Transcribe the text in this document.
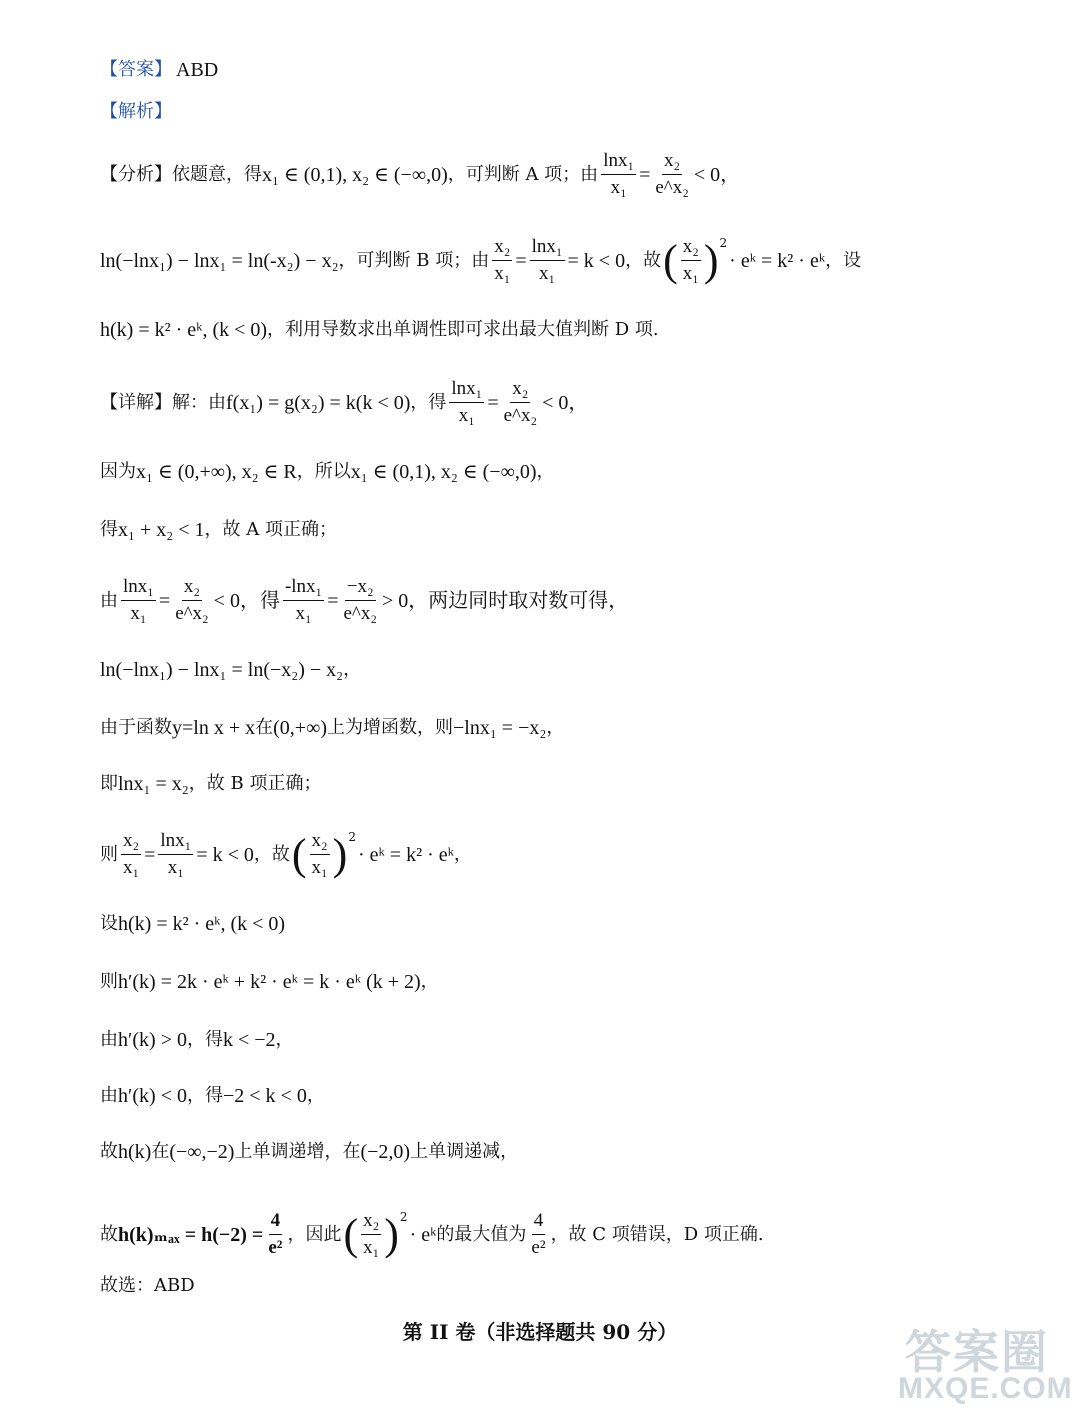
【答案】 ABD
【解析】
【分析】 依题意，得 x₁ ∈ (0,1), x₂ ∈ (−∞,0) ，可判断 A 项；由 $\frac{\text{lnx₁}}{\text{x₁}} = \frac{\text{x₂}}{\text{e\textasciicircum{}x₂}} < 0$，
ln(−lnx₁) − lnx₁ = ln(-x₂) − x₂ ，可判断 B 项；由 $\frac{\text{x₂}}{\text{x₁}} = \frac{\text{lnx₁}}{\text{x₁}} = k < 0$ ，故 ( $\frac{\text{x₂}}{\text{x₁}}$ ) 2
· eᵏ = k² · eᵏ ，设
h(k) = k² · eᵏ, (k < 0) ，利用导数求出单调性即可求出最大值判断 D 项.
【详解】 解：由 f(x₁) = g(x₂) = k(k < 0) ，得 $\frac{\text{lnx₁}}{\text{x₁}} = \frac{\text{x₂}}{\text{e\textasciicircum{}x₂}} < 0$，
因为 x₁ ∈ (0,+∞), x₂ ∈ R ，所以 x₁ ∈ (0,1), x₂ ∈ (−∞,0) ，
得 x₁ + x₂ < 1 ，故 A 项正确；
由 $\frac{\text{lnx₁}}{\text{x₁}} = \frac{\text{x₂}}{\text{e\textasciicircum{}x₂}} < 0$，得 $\frac{\text{-lnx₁}}{\text{x₁}} = \frac{\text{−x₂}}{\text{e\textasciicircum{}x₂}} > 0$，两边同时取对数可得，
ln(−lnx₁) − lnx₁ = ln(−x₂) − x₂ ，
由于函数 y=ln x + x 在 (0,+∞) 上为增函数，则 −lnx₁ = −x₂ ，
即 lnx₁ = x₂ ，故 B 项正确；
则 $\frac{\text{x₂}}{\text{x₁}} = \frac{\text{lnx₁}}{\text{x₁}} = k < 0$ ，故 ( $\frac{\text{x₂}}{\text{x₁}}$ ) 2
· eᵏ = k² · eᵏ ，
设 h(k) = k² · eᵏ, (k < 0)
则 h′(k) = 2k · eᵏ + k² · eᵏ = k · eᵏ (k + 2) ，
由 h′(k) > 0 ，得 k < −2 ，
由 h′(k) < 0 ，得 −2 < k < 0 ，
故 h(k) 在 (−∞,−2) 上单调递增，在 (−2,0) 上单调递减，
故 $h(k)_{max} = h(-2) = \frac{4}{\text{e²}}$ ，因此 ( $\frac{\text{x₂}}{\text{x₁}}$ ) 2
· eᵏ 的最大值为 $\frac{4}{\text{e²}}$ ，故 C 项错误，D 项正确.
故选：ABD
第 II 卷（非选择题共 90 分）	答案圈
MXQE.COM
